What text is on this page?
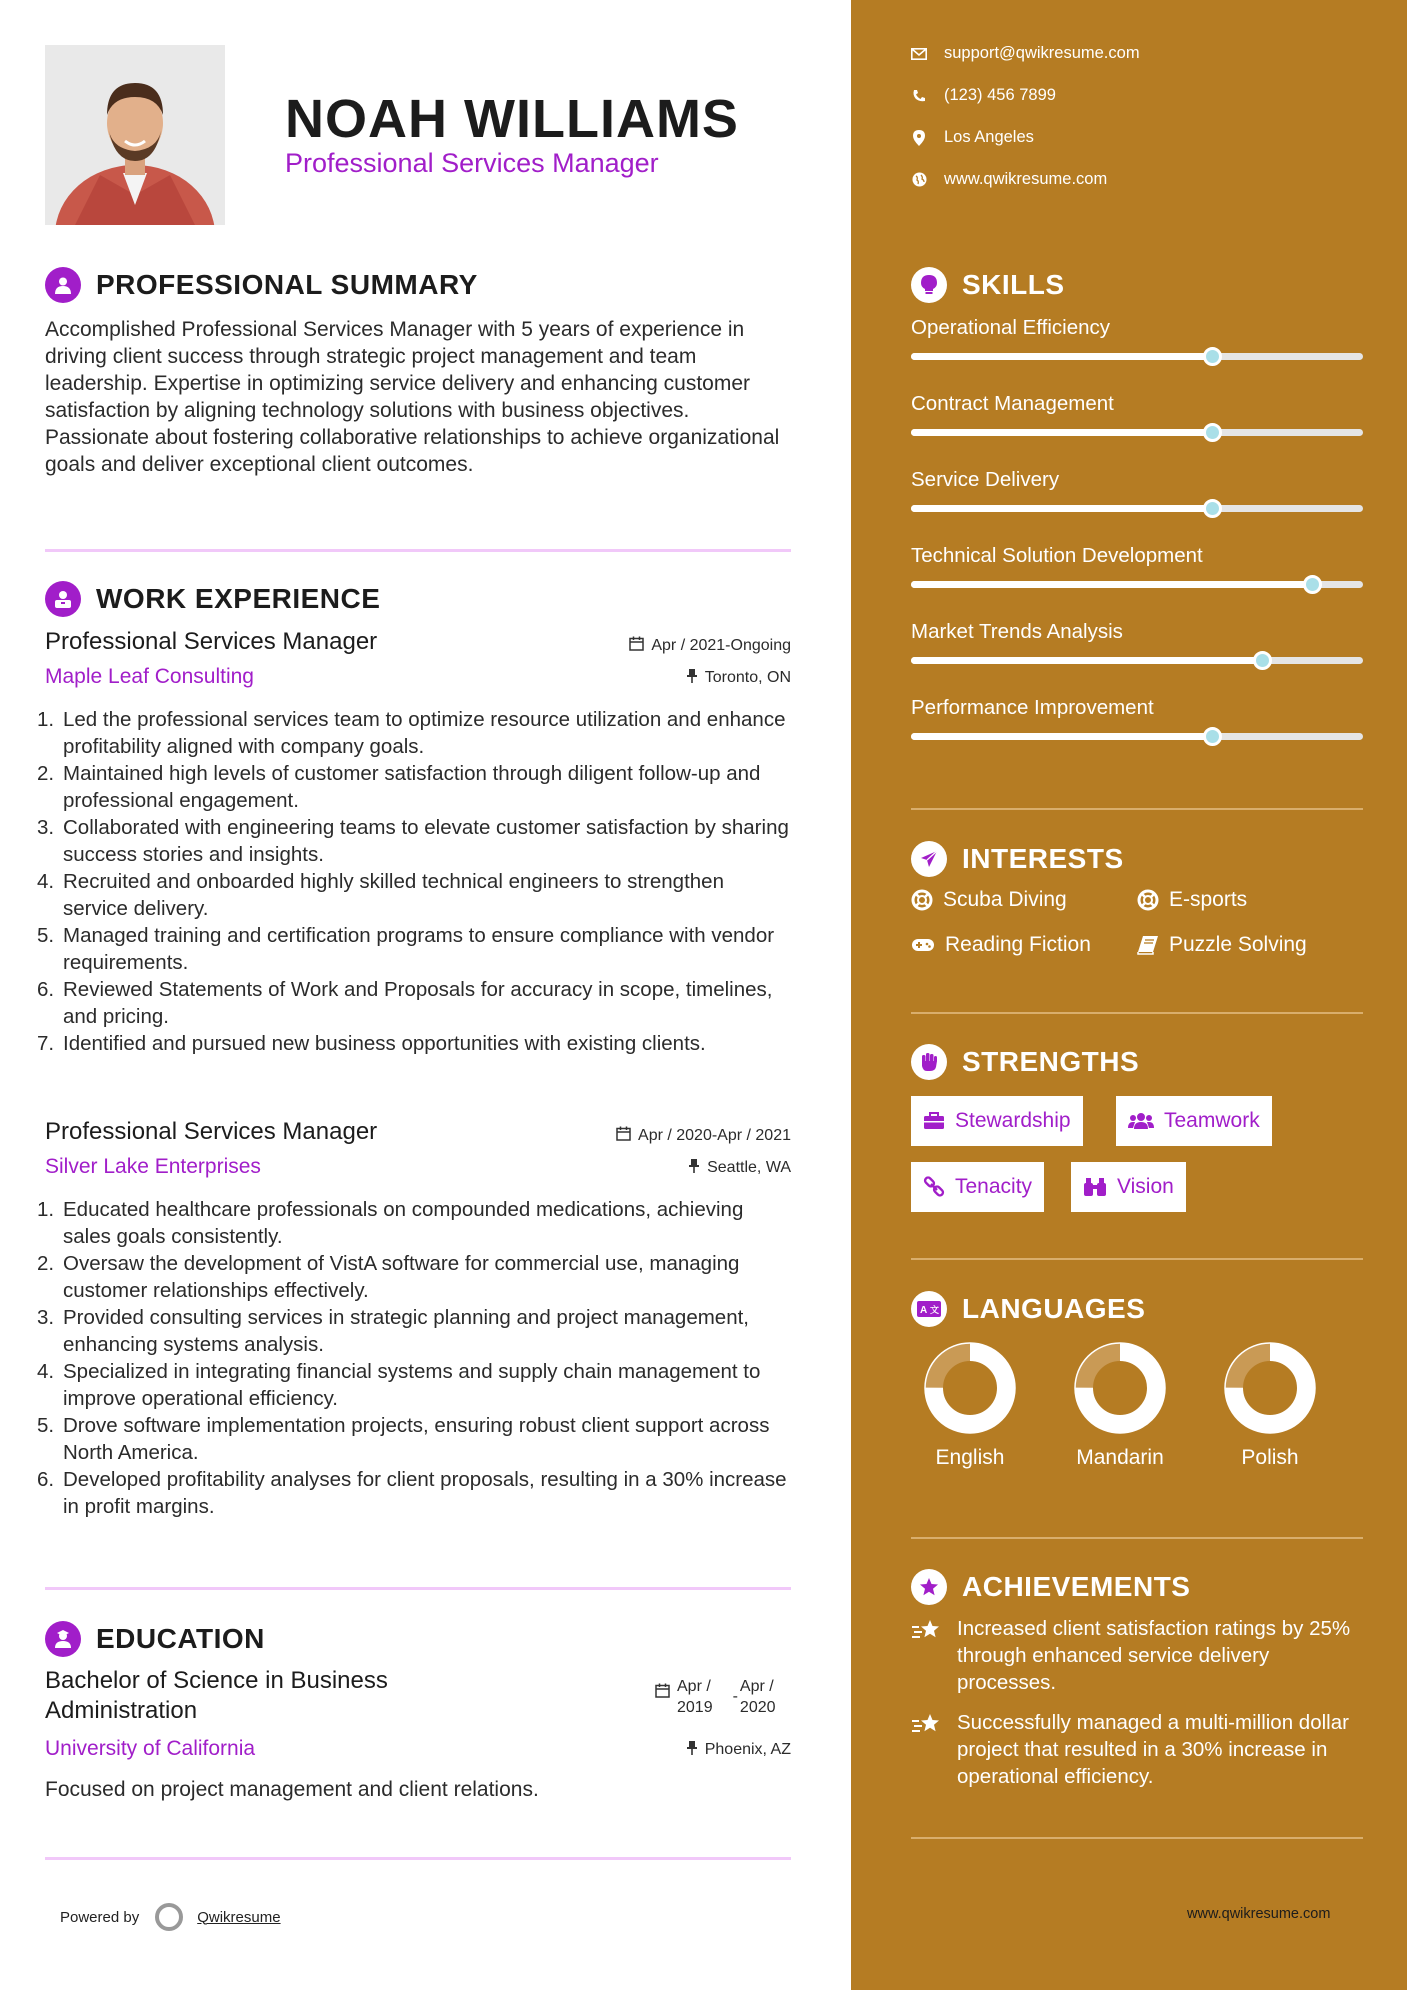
NOAH WILLIAMS
Professional Services Manager
PROFESSIONAL SUMMARY
Accomplished Professional Services Manager with 5 years of experience in driving client success through strategic project management and team leadership. Expertise in optimizing service delivery and enhancing customer satisfaction by aligning technology solutions with business objectives. Passionate about fostering collaborative relationships to achieve organizational goals and deliver exceptional client outcomes.
WORK EXPERIENCE
Professional Services Manager	Apr / 2021-Ongoing
Maple Leaf Consulting	Toronto, ON
1. Led the professional services team to optimize resource utilization and enhance profitability aligned with company goals.
2. Maintained high levels of customer satisfaction through diligent follow-up and professional engagement.
3. Collaborated with engineering teams to elevate customer satisfaction by sharing success stories and insights.
4. Recruited and onboarded highly skilled technical engineers to strengthen service delivery.
5. Managed training and certification programs to ensure compliance with vendor requirements.
6. Reviewed Statements of Work and Proposals for accuracy in scope, timelines, and pricing.
7. Identified and pursued new business opportunities with existing clients.
Professional Services Manager	Apr / 2020-Apr / 2021
Silver Lake Enterprises	Seattle, WA
1. Educated healthcare professionals on compounded medications, achieving sales goals consistently.
2. Oversaw the development of VistA software for commercial use, managing customer relationships effectively.
3. Provided consulting services in strategic planning and project management, enhancing systems analysis.
4. Specialized in integrating financial systems and supply chain management to improve operational efficiency.
5. Drove software implementation projects, ensuring robust client support across North America.
6. Developed profitability analyses for client proposals, resulting in a 30% increase in profit margins.
EDUCATION
Bachelor of Science in Business
Administration
Apr /
2019
-
Apr /
2020
University of California	Phoenix, AZ
Focused on project management and client relations.
Powered by	Qwikresume
support@qwikresume.com
(123) 456 7899
Los Angeles
www.qwikresume.com
SKILLS
Operational Efficiency
Contract Management
Service Delivery
Technical Solution Development
Market Trends Analysis
Performance Improvement
INTERESTS
Scuba Diving	E-sports
Reading Fiction	Puzzle Solving
STRENGTHS
Stewardship	Teamwork
Tenacity	Vision
A 文 LANGUAGES
English	Mandarin	Polish
ACHIEVEMENTS
Increased client satisfaction ratings by 25% through enhanced service delivery processes.
Successfully managed a multi-million dollar project that resulted in a 30% increase in operational efficiency.
www.qwikresume.com
